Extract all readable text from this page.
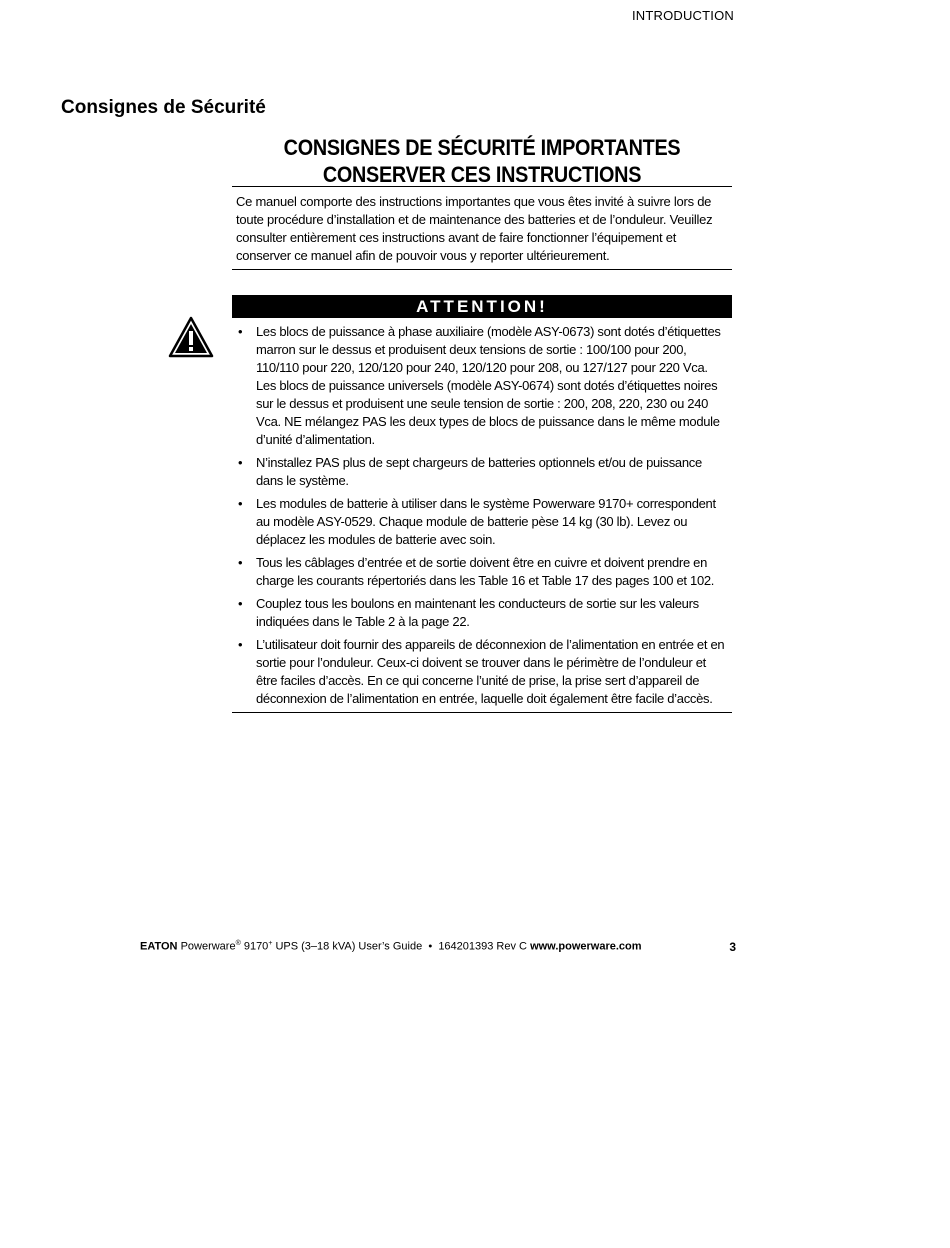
INTRODUCTION
Consignes de Sécurité
CONSIGNES DE SÉCURITÉ IMPORTANTES
CONSERVER CES INSTRUCTIONS
Ce manuel comporte des instructions importantes que vous êtes invité à suivre lors de toute procédure d’installation et de maintenance des batteries et de l’onduleur. Veuillez consulter entièrement ces instructions avant de faire fonctionner l’équipement et conserver ce manuel afin de pouvoir vous y reporter ultérieurement.
ATTENTION!
• Les blocs de puissance à phase auxiliaire (modèle ASY-0673) sont dotés d’étiquettes marron sur le dessus et produisent deux tensions de sortie : 100/100 pour 200, 110/110 pour 220, 120/120 pour 240, 120/120 pour 208, ou 127/127 pour 220 Vca. Les blocs de puissance universels (modèle ASY-0674) sont dotés d’étiquettes noires sur le dessus et produisent une seule tension de sortie : 200, 208, 220, 230 ou 240 Vca. NE mélangez PAS les deux types de blocs de puissance dans le même module d’unité d’alimentation.
• N’installez PAS plus de sept chargeurs de batteries optionnels et/ou de puissance dans le système.
• Les modules de batterie à utiliser dans le système Powerware 9170+ correspondent au modèle ASY-0529. Chaque module de batterie pèse 14 kg (30 lb). Levez ou déplacez les modules de batterie avec soin.
• Tous les câblages d’entrée et de sortie doivent être en cuivre et doivent prendre en charge les courants répertoriés dans les Table 16 et Table 17 des pages 100 et 102.
• Couplez tous les boulons en maintenant les conducteurs de sortie sur les valeurs indiquées dans le Table 2 à la page 22.
• L’utilisateur doit fournir des appareils de déconnexion de l’alimentation en entrée et en sortie pour l’onduleur. Ceux-ci doivent se trouver dans le périmètre de l’onduleur et être faciles d’accès. En ce qui concerne l’unité de prise, la prise sert d’appareil de déconnexion de l’alimentation en entrée, laquelle doit également être facile d’accès.
EATON Powerware® 9170+ UPS (3–18 kVA) User’s Guide • 164201393 Rev C www.powerware.com	3
